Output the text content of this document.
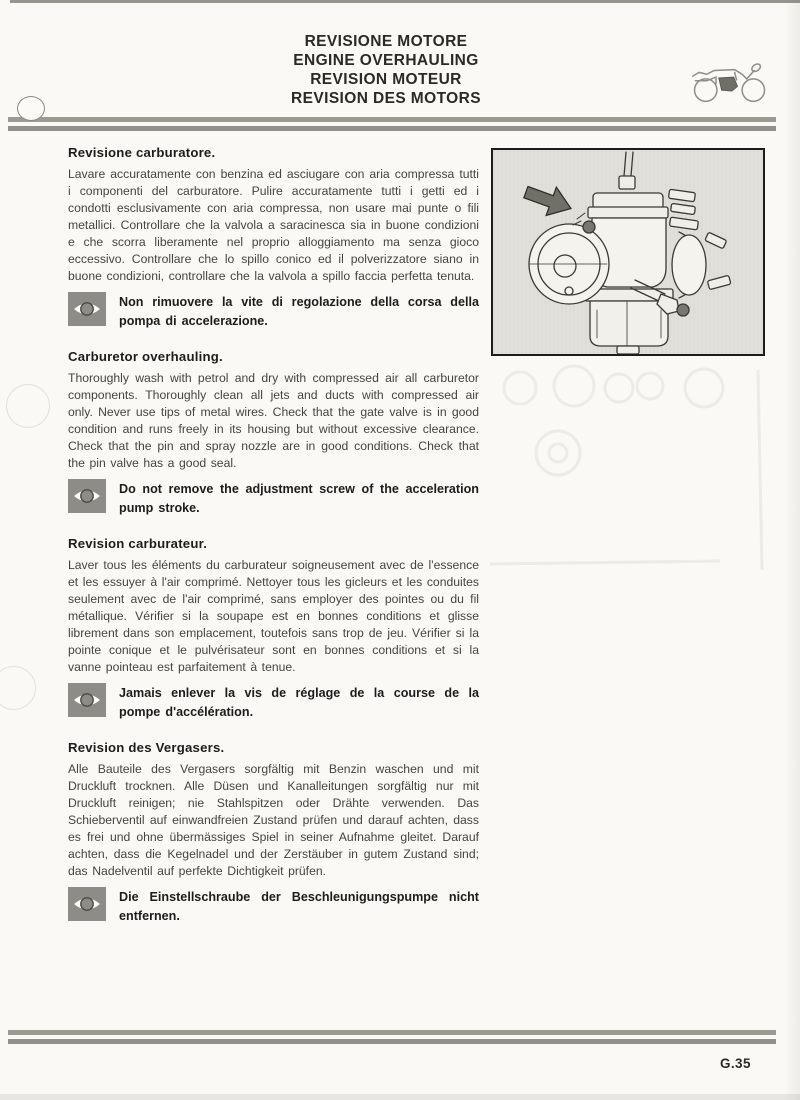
REVISIONE MOTORE
ENGINE OVERHAULING
REVISION MOTEUR
REVISION DES MOTORS
Revisione carburatore.

Lavare accuratamente con benzina ed asciugare con aria compressa tutti i componenti del carburatore. Pulire accuratamente tutti i getti ed i condotti esclusivamente con aria compressa, non usare mai punte o fili metallici. Controllare che la valvola a saracinesca sia in buone condizioni e che scorra liberamente nel proprio alloggiamento ma senza gioco eccessivo. Controllare che lo spillo conico ed il polverizzatore siano in buone condizioni, controllare che la valvola a spillo faccia perfetta tenuta.

Non rimuovere la vite di regolazione della corsa della pompa di accelerazione.

Carburetor overhauling.

Thoroughly wash with petrol and dry with compressed air all carburetor components. Thoroughly clean all jets and ducts with compressed air only. Never use tips of metal wires. Check that the gate valve is in good condition and runs freely in its housing but without excessive clearance. Check that the pin and spray nozzle are in good conditions. Check that the pin valve has a good seal.

Do not remove the adjustment screw of the acceleration pump stroke.

Revision carburateur.

Laver tous les éléments du carburateur soigneusement avec de l'essence et les essuyer à l'air comprimé. Nettoyer tous les gicleurs et les conduites seulement avec de l'air comprimé, sans employer des pointes ou du fil métallique. Vérifier si la soupape est en bonnes conditions et glisse librement dans son emplacement, toutefois sans trop de jeu. Vérifier si la pointe conique et le pulvérisateur sont en bonnes conditions et si la vanne pointeau est parfaitement à tenue.

Jamais enlever la vis de réglage de la course de la pompe d'accélération.

Revision des Vergasers.

Alle Bauteile des Vergasers sorgfältig mit Benzin waschen und mit Druckluft trocknen. Alle Düsen und Kanalleitungen sorgfältig nur mit Druckluft reinigen; nie Stahlspitzen oder Drähte verwenden. Das Schieberventil auf einwandfreien Zustand prüfen und darauf achten, dass es frei und ohne übermässiges Spiel in seiner Aufnahme gleitet. Darauf achten, dass die Kegelnadel und der Zerstäuber in gutem Zustand sind; das Nadelventil auf perfekte Dichtigkeit prüfen.

Die Einstellschraube der Beschleunigungspumpe nicht entfernen.

G.35
